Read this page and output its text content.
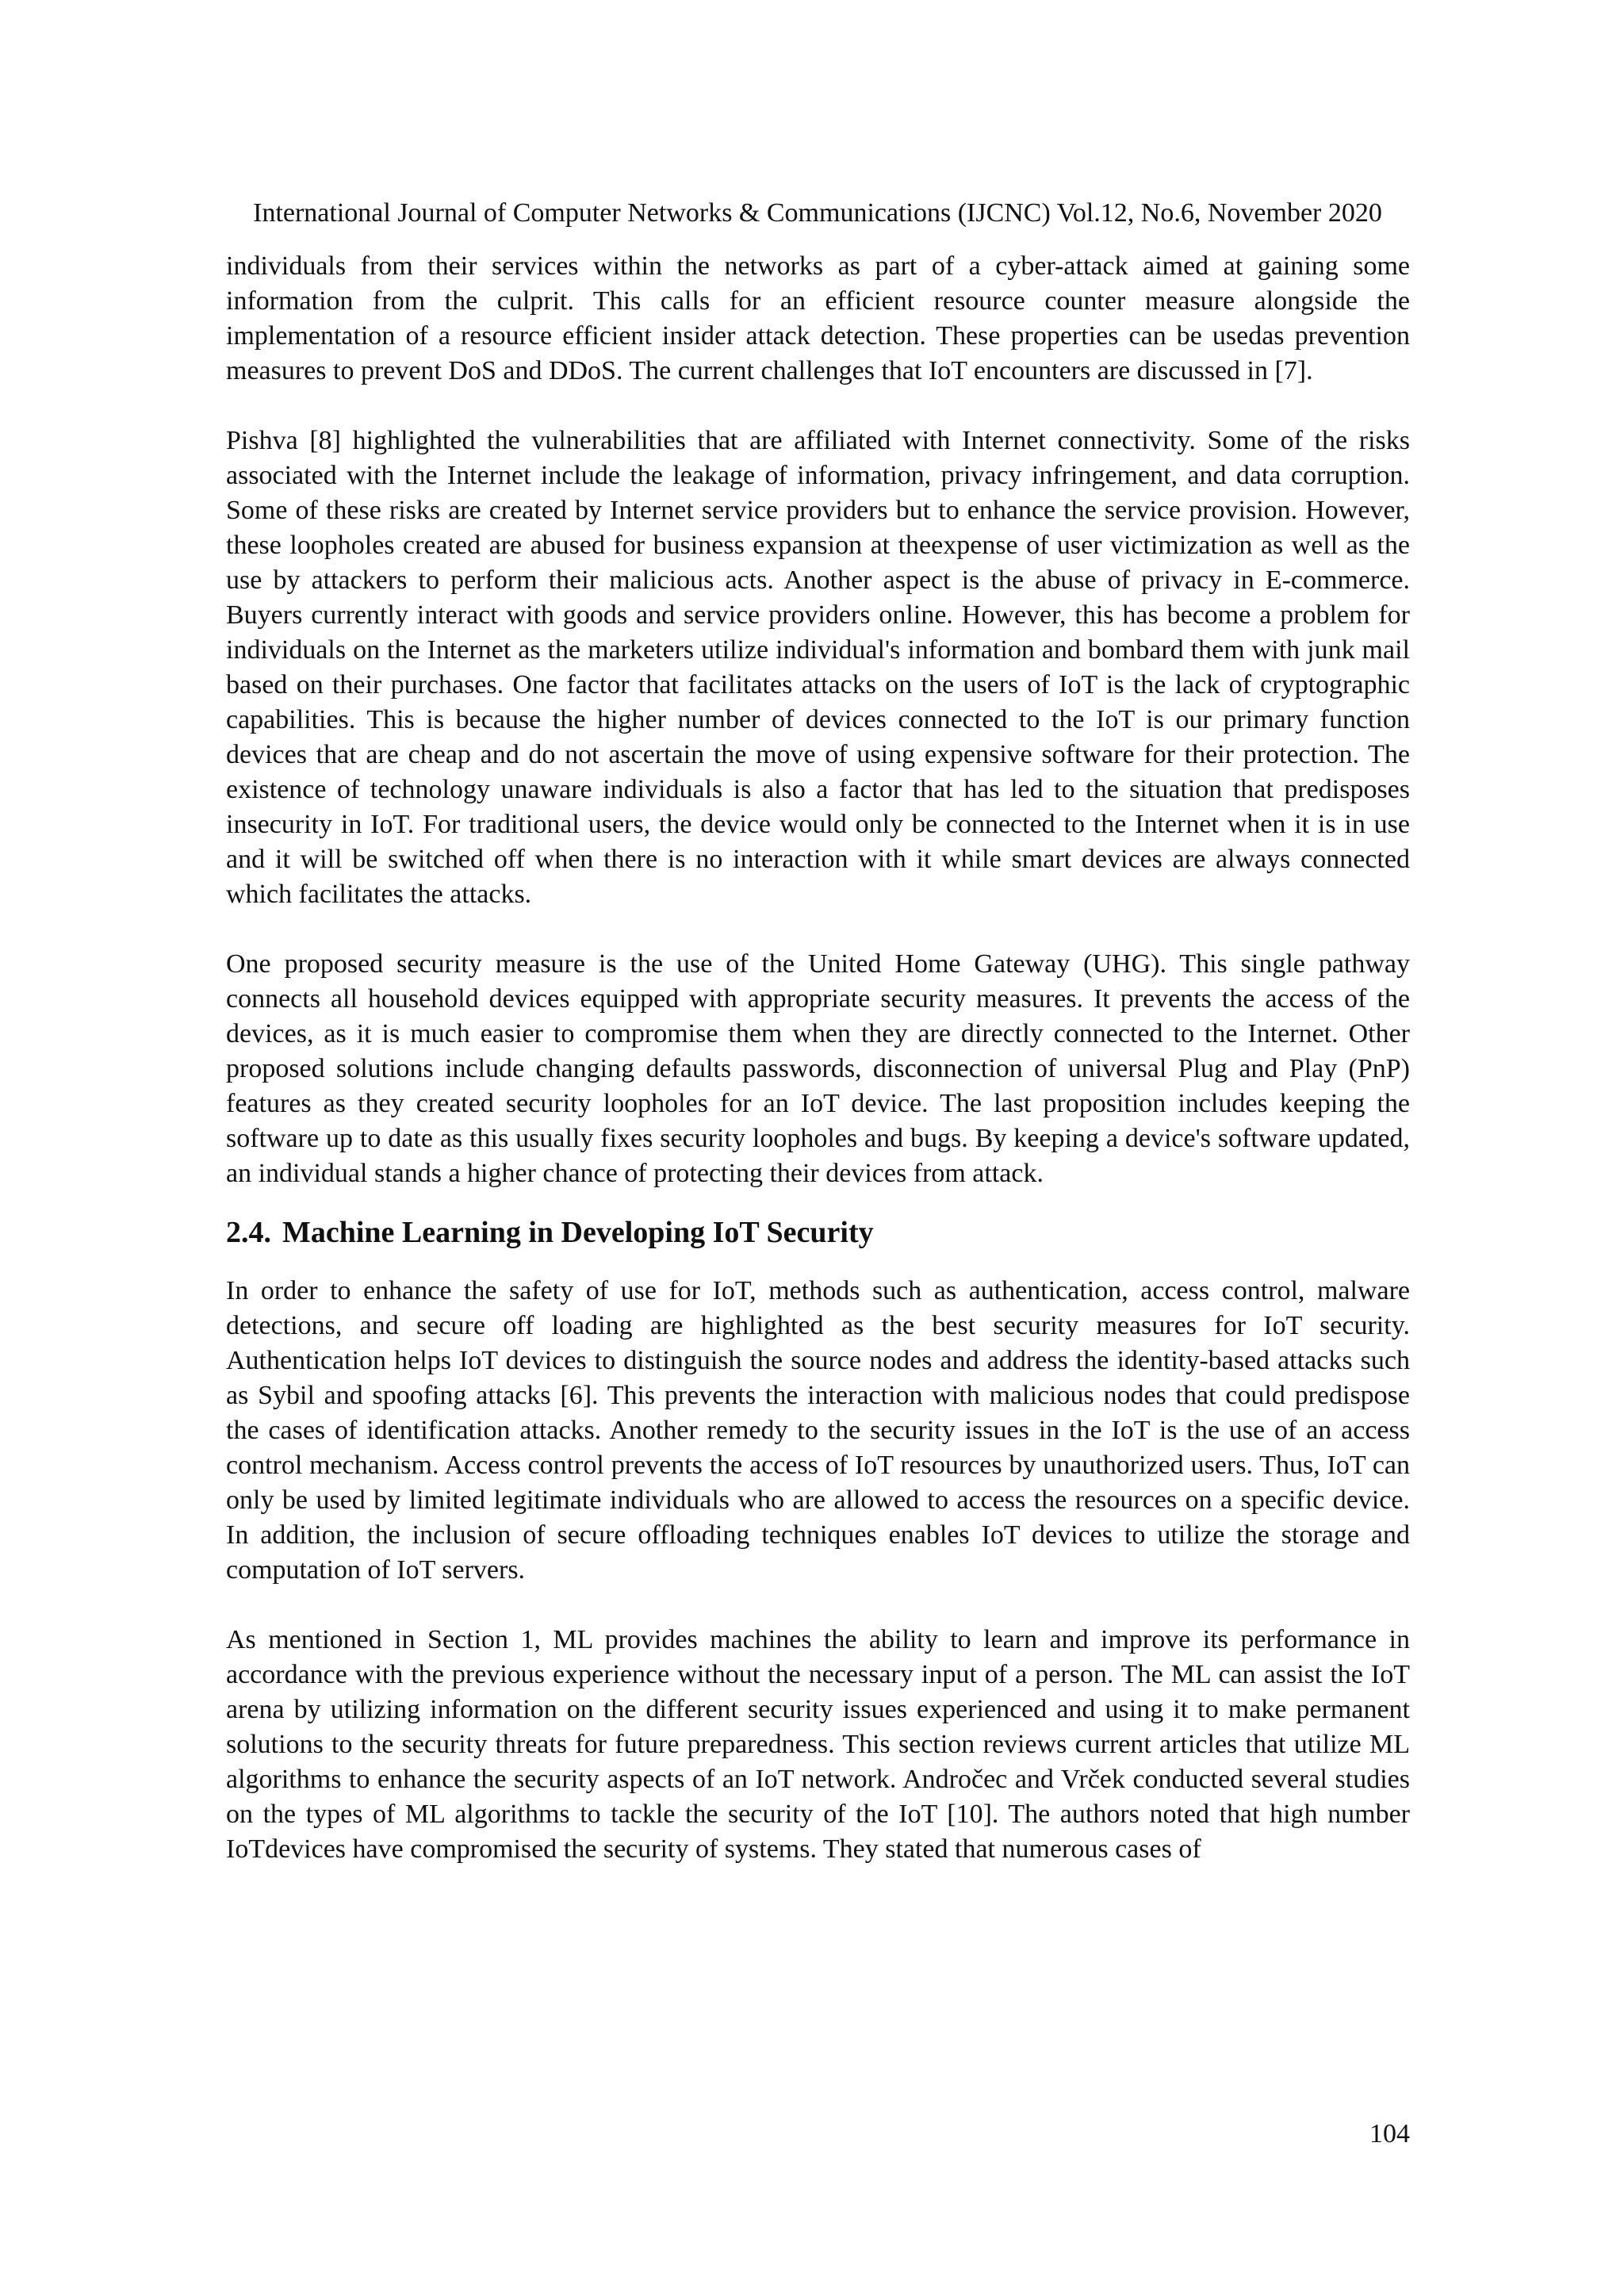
International Journal of Computer Networks & Communications (IJCNC) Vol.12, No.6, November 2020

individuals from their services within the networks as part of a cyber-attack aimed at gaining some information from the culprit. This calls for an efficient resource counter measure alongside the implementation of a resource efficient insider attack detection. These properties can be usedas prevention measures to prevent DoS and DDoS. The current challenges that IoT encounters are discussed in [7].

Pishva [8] highlighted the vulnerabilities that are affiliated with Internet connectivity. Some of the risks associated with the Internet include the leakage of information, privacy infringement, and data corruption. Some of these risks are created by Internet service providers but to enhance the service provision. However, these loopholes created are abused for business expansion at theexpense of user victimization as well as the use by attackers to perform their malicious acts. Another aspect is the abuse of privacy in E-commerce. Buyers currently interact with goods and service providers online. However, this has become a problem for individuals on the Internet as the marketers utilize individual's information and bombard them with junk mail based on their purchases. One factor that facilitates attacks on the users of IoT is the lack of cryptographic capabilities. This is because the higher number of devices connected to the IoT is our primary function devices that are cheap and do not ascertain the move of using expensive software for their protection. The existence of technology unaware individuals is also a factor that has led to the situation that predisposes insecurity in IoT. For traditional users, the device would only be connected to the Internet when it is in use and it will be switched off when there is no interaction with it while smart devices are always connected which facilitates the attacks.

One proposed security measure is the use of the United Home Gateway (UHG). This single pathway connects all household devices equipped with appropriate security measures. It prevents the access of the devices, as it is much easier to compromise them when they are directly connected to the Internet. Other proposed solutions include changing defaults passwords, disconnection of universal Plug and Play (PnP) features as they created security loopholes for an IoT device. The last proposition includes keeping the software up to date as this usually fixes security loopholes and bugs. By keeping a device's software updated, an individual stands a higher chance of protecting their devices from attack.

2.4. Machine Learning in Developing IoT Security

In order to enhance the safety of use for IoT, methods such as authentication, access control, malware detections, and secure off loading are highlighted as the best security measures for IoT security. Authentication helps IoT devices to distinguish the source nodes and address the identity-based attacks such as Sybil and spoofing attacks [6]. This prevents the interaction with malicious nodes that could predispose the cases of identification attacks. Another remedy to the security issues in the IoT is the use of an access control mechanism. Access control prevents the access of IoT resources by unauthorized users. Thus, IoT can only be used by limited legitimate individuals who are allowed to access the resources on a specific device. In addition, the inclusion of secure offloading techniques enables IoT devices to utilize the storage and computation of IoT servers.

As mentioned in Section 1, ML provides machines the ability to learn and improve its performance in accordance with the previous experience without the necessary input of a person. The ML can assist the IoT arena by utilizing information on the different security issues experienced and using it to make permanent solutions to the security threats for future preparedness. This section reviews current articles that utilize ML algorithms to enhance the security aspects of an IoT network. Andročec and Vrček conducted several studies on the types of ML algorithms to tackle the security of the IoT [10]. The authors noted that high number IoTdevices have compromised the security of systems. They stated that numerous cases of

104
